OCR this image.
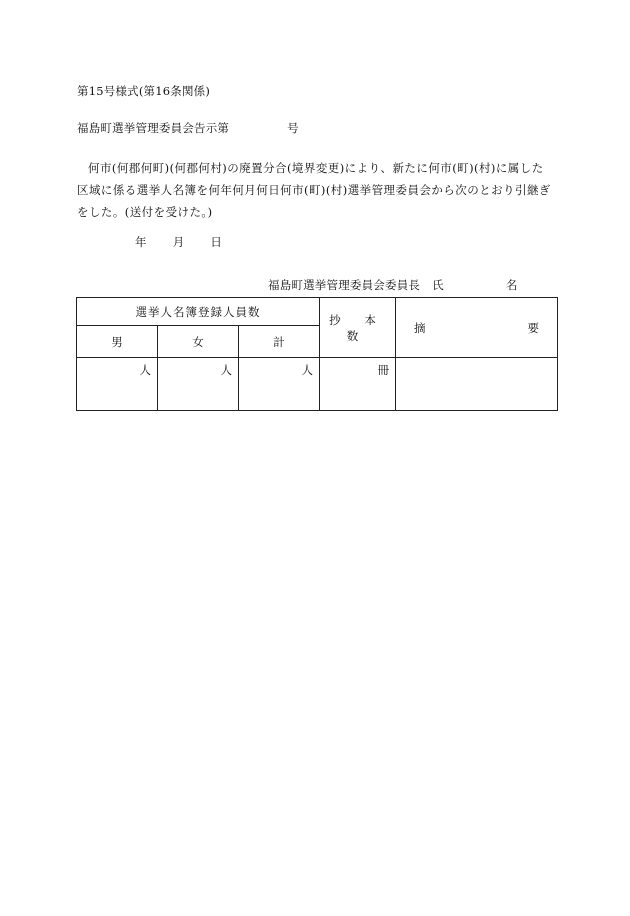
第15号様式(第16条関係)
福島町選挙管理委員会告示第	号
何市(何郡何町)(何郡何村)の廃置分合(境界変更)により、新たに何市(町)(村)に属した区域に係る選挙人名簿を何年何月何日何市(町)(村)選挙管理委員会から次のとおり引継ぎをした。(送付を受けた。)
年 月 日
福島町選挙管理委員会委員長 氏	名
選挙人名簿登録人員数			抄 本 数	摘 要

男	女	計		
人	人	人	冊	
